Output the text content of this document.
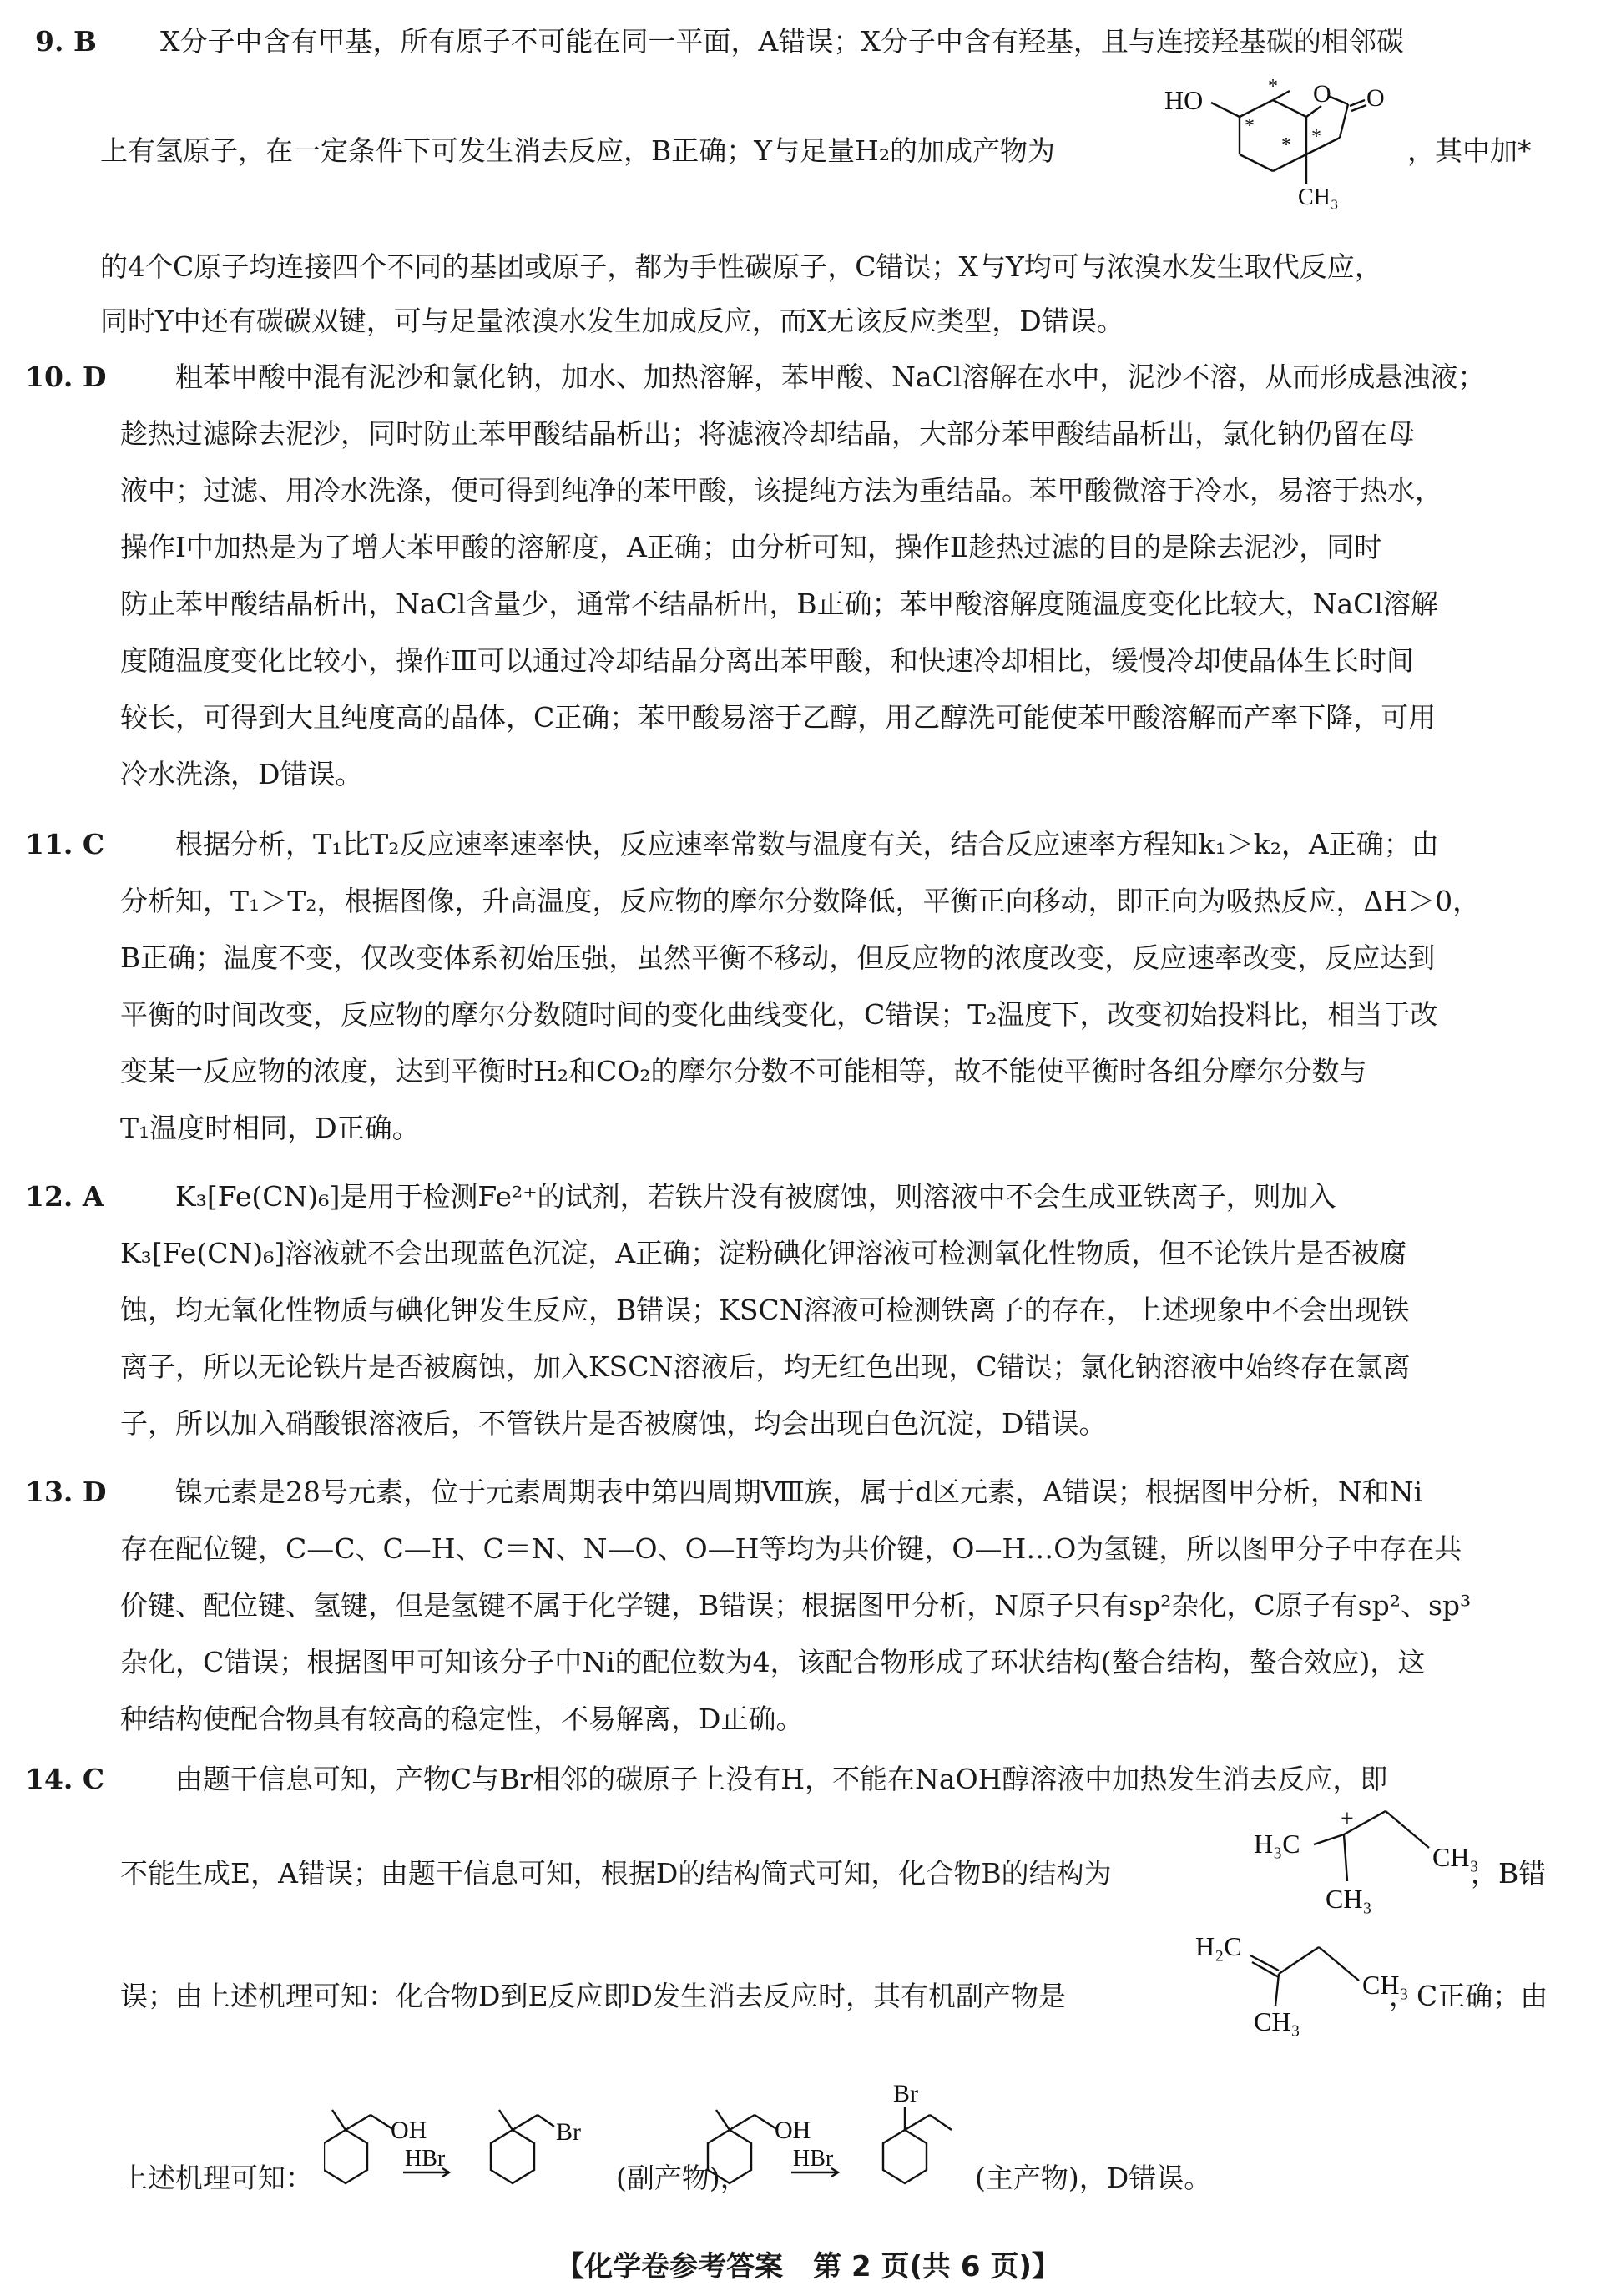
9. B X分子中含有甲基，所有原子不可能在同一平面，A错误；X分子中含有羟基，且与连接羟基碳的相邻碳
HO	O O
CH₃
*
*
* *
上有氢原子，在一定条件下可发生消去反应，B正确；Y与足量H₂的加成产物为	，其中加*
的4个C原子均连接四个不同的基团或原子，都为手性碳原子，C错误；X与Y均可与浓溴水发生取代反应，
同时Y中还有碳碳双键，可与足量浓溴水发生加成反应，而X无该反应类型，D错误。
10. D 粗苯甲酸中混有泥沙和氯化钠，加水、加热溶解，苯甲酸、NaCl溶解在水中，泥沙不溶，从而形成悬浊液；
趁热过滤除去泥沙，同时防止苯甲酸结晶析出；将滤液冷却结晶，大部分苯甲酸结晶析出，氯化钠仍留在母
液中；过滤、用冷水洗涤，便可得到纯净的苯甲酸，该提纯方法为重结晶。苯甲酸微溶于冷水，易溶于热水，
操作Ⅰ中加热是为了增大苯甲酸的溶解度，A正确；由分析可知，操作Ⅱ趁热过滤的目的是除去泥沙，同时
防止苯甲酸结晶析出，NaCl含量少，通常不结晶析出，B正确；苯甲酸溶解度随温度变化比较大，NaCl溶解
度随温度变化比较小，操作Ⅲ可以通过冷却结晶分离出苯甲酸，和快速冷却相比，缓慢冷却使晶体生长时间
较长，可得到大且纯度高的晶体，C正确；苯甲酸易溶于乙醇，用乙醇洗可能使苯甲酸溶解而产率下降，可用
冷水洗涤，D错误。
11. C	根据分析，T₁比T₂反应速率速率快，反应速率常数与温度有关，结合反应速率方程知k₁＞k₂，A正确；由
分析知，T₁＞T₂，根据图像，升高温度，反应物的摩尔分数降低，平衡正向移动，即正向为吸热反应，ΔH＞0，
B正确；温度不变，仅改变体系初始压强，虽然平衡不移动，但反应物的浓度改变，反应速率改变，反应达到
平衡的时间改变，反应物的摩尔分数随时间的变化曲线变化，C错误；T₂温度下，改变初始投料比，相当于改
变某一反应物的浓度，达到平衡时H₂和CO₂的摩尔分数不可能相等，故不能使平衡时各组分摩尔分数与
T₁温度时相同，D正确。
12. A	K₃[Fe(CN)₆]是用于检测Fe²⁺的试剂，若铁片没有被腐蚀，则溶液中不会生成亚铁离子，则加入
K₃[Fe(CN)₆]溶液就不会出现蓝色沉淀，A正确；淀粉碘化钾溶液可检测氧化性物质，但不论铁片是否被腐
蚀，均无氧化性物质与碘化钾发生反应，B错误；KSCN溶液可检测铁离子的存在，上述现象中不会出现铁
离子，所以无论铁片是否被腐蚀，加入KSCN溶液后，均无红色出现，C错误；氯化钠溶液中始终存在氯离
子，所以加入硝酸银溶液后，不管铁片是否被腐蚀，均会出现白色沉淀，D错误。
13. D 镍元素是28号元素，位于元素周期表中第四周期Ⅷ族，属于d区元素，A错误；根据图甲分析，N和Ni
存在配位键，C—C、C—H、C＝N、N—O、O—H等均为共价键，O—H…O为氢键，所以图甲分子中存在共
价键、配位键、氢键，但是氢键不属于化学键，B错误；根据图甲分析，N原子只有sp²杂化，C原子有sp²、sp³
杂化，C错误；根据图甲可知该分子中Ni的配位数为4，该配合物形成了环状结构(螯合结构，螯合效应)，这
种结构使配合物具有较高的稳定性，不易解离，D正确。
14. C	由题干信息可知，产物C与Br相邻的碳原子上没有H，不能在NaOH醇溶液中加热发生消去反应，即
H₃C
+
CH₃
CH₃
不能生成E，A错误；由题干信息可知，根据D的结构简式可知，化合物B的结构为	，B错
H₂C
CH₃
CH₃
误；由上述机理可知：化合物D到E反应即D发生消去反应时，其有机副产物是	，C正确；由
上述机理可知：
OH
HBr
Br	OH
HBr
Br
(副产物)，	(主产物)，D错误。
【化学卷参考答案 第 2 页(共 6 页)】
